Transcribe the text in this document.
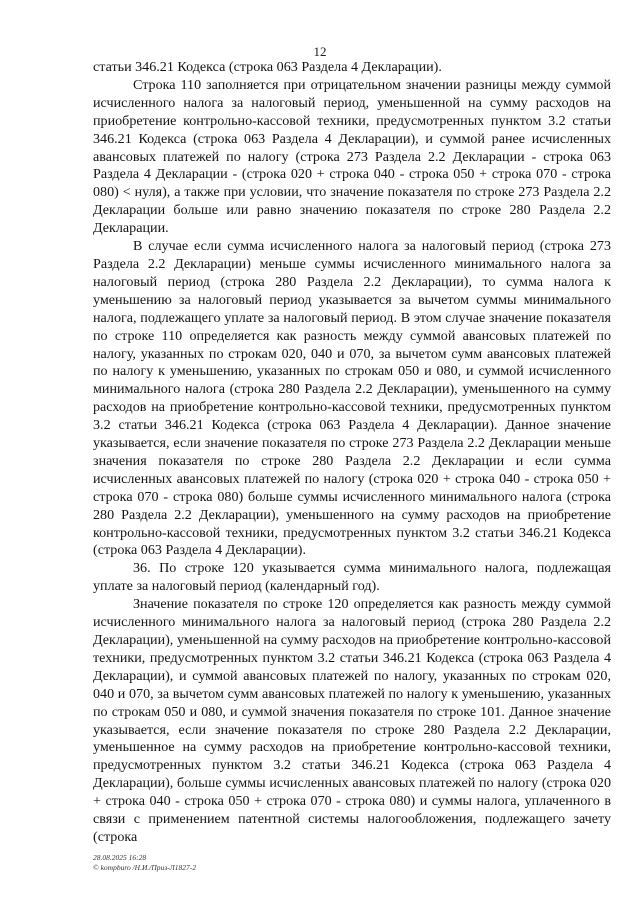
12

статьи 346.21 Кодекса (строка 063 Раздела 4 Декларации).

Строка 110 заполняется при отрицательном значении разницы между суммой исчисленного налога за налоговый период, уменьшенной на сумму расходов на приобретение контрольно-кассовой техники, предусмотренных пунктом 3.2 статьи 346.21 Кодекса (строка 063 Раздела 4 Декларации), и суммой ранее исчисленных авансовых платежей по налогу (строка 273 Раздела 2.2 Декларации - строка 063 Раздела 4 Декларации - (строка 020 + строка 040 - строка 050 + строка 070 - строка 080) < нуля), а также при условии, что значение показателя по строке 273 Раздела 2.2 Декларации больше или равно значению показателя по строке 280 Раздела 2.2 Декларации.

В случае если сумма исчисленного налога за налоговый период (строка 273 Раздела 2.2 Декларации) меньше суммы исчисленного минимального налога за налоговый период (строка 280 Раздела 2.2 Декларации), то сумма налога к уменьшению за налоговый период указывается за вычетом суммы минимального налога, подлежащего уплате за налоговый период. В этом случае значение показателя по строке 110 определяется как разность между суммой авансовых платежей по налогу, указанных по строкам 020, 040 и 070, за вычетом сумм авансовых платежей по налогу к уменьшению, указанных по строкам 050 и 080, и суммой исчисленного минимального налога (строка 280 Раздела 2.2 Декларации), уменьшенного на сумму расходов на приобретение контрольно-кассовой техники, предусмотренных пунктом 3.2 статьи 346.21 Кодекса (строка 063 Раздела 4 Декларации). Данное значение указывается, если значение показателя по строке 273 Раздела 2.2 Декларации меньше значения показателя по строке 280 Раздела 2.2 Декларации и если сумма исчисленных авансовых платежей по налогу (строка 020 + строка 040 - строка 050 + строка 070 - строка 080) больше суммы исчисленного минимального налога (строка 280 Раздела 2.2 Декларации), уменьшенного на сумму расходов на приобретение контрольно-кассовой техники, предусмотренных пунктом 3.2 статьи 346.21 Кодекса (строка 063 Раздела 4 Декларации).

36. По строке 120 указывается сумма минимального налога, подлежащая уплате за налоговый период (календарный год).

Значение показателя по строке 120 определяется как разность между суммой исчисленного минимального налога за налоговый период (строка 280 Раздела 2.2 Декларации), уменьшенной на сумму расходов на приобретение контрольно-кассовой техники, предусмотренных пунктом 3.2 статьи 346.21 Кодекса (строка 063 Раздела 4 Декларации), и суммой авансовых платежей по налогу, указанных по строкам 020, 040 и 070, за вычетом сумм авансовых платежей по налогу к уменьшению, указанных по строкам 050 и 080, и суммой значения показателя по строке 101. Данное значение указывается, если значение показателя по строке 280 Раздела 2.2 Декларации, уменьшенное на сумму расходов на приобретение контрольно-кассовой техники, предусмотренных пунктом 3.2 статьи 346.21 Кодекса (строка 063 Раздела 4 Декларации), больше суммы исчисленных авансовых платежей по налогу (строка 020 + строка 040 - строка 050 + строка 070 - строка 080) и суммы налога, уплаченного в связи с применением патентной системы налогообложения, подлежащего зачету (строка

28.08.2025 16:28
© kompburo /Н.И./Приз-Л1827-2
